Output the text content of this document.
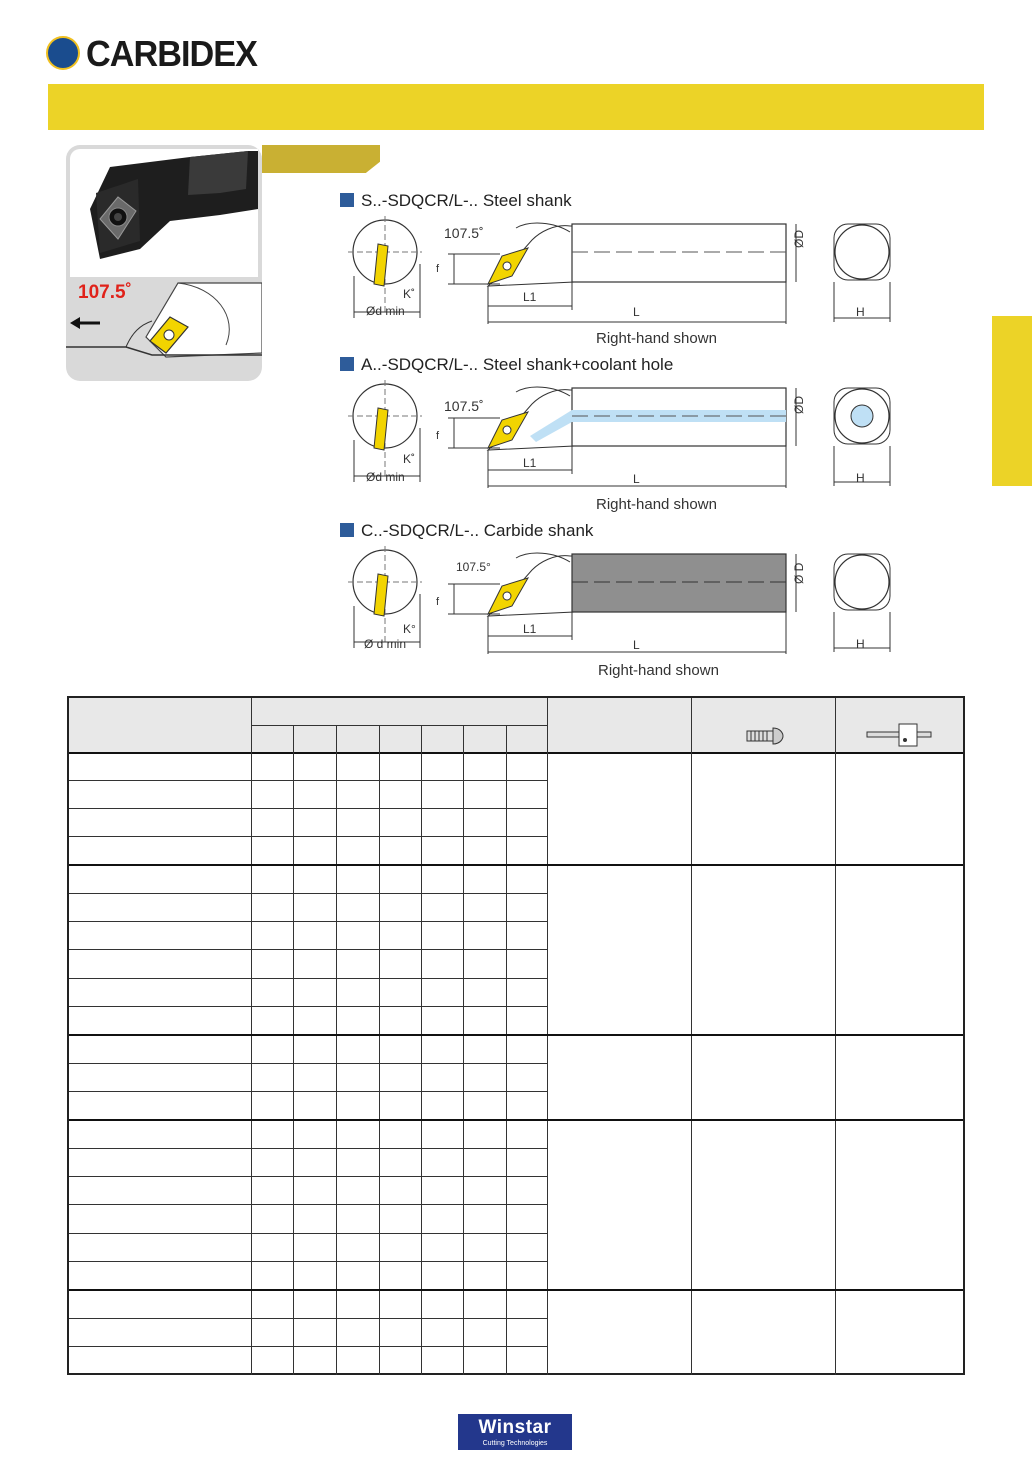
CARBIDEX
107.5˚
S..-SDQCR/L-.. Steel shank
107.5˚
K˚
Ød min
f
L1
L
ØD
H
Right-hand shown
A..-SDQCR/L-.. Steel shank+coolant hole
107.5˚
K˚
Ød min
f
L1
L
ØD
H
Right-hand shown
C..-SDQCR/L-.. Carbide shank
107.5°
K°
Ø d min
f
L1
L
Ø D
H
Right-hand shown
Winstar
Cutting Technologies
